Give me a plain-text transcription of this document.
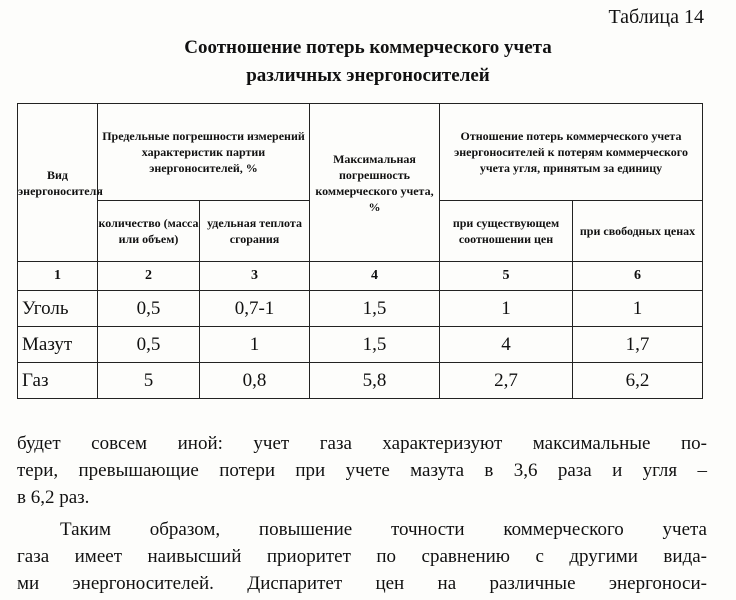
Таблица 14
Соотношение потерь коммерческого учета
различных энергоносителей
Вид энергоносителя	Предельные погрешности измерений характеристик партии энергоносителей, %		Максимальная погрешность коммерческого учета, %	Отношение потерь коммерческого учета энергоносителей к потерям коммерческого учета угля, принятым за единицу	
	количество (масса или объем)	удельная теплота сгорания		при существующем соотношении цен	при свободных ценах
1	2	3	4	5	6
Уголь	0,5	0,7-1	1,5	1	1
Мазут	0,5	1	1,5	4	1,7
Газ	5	0,8	5,8	2,7	6,2
будет совсем иной: учет газа характеризуют максимальные по-
тери, превышающие потери при учете мазута в 3,6 раза и угля –
в 6,2 раз.
Таким образом, повышение точности коммерческого учета
газа имеет наивысший приоритет по сравнению с другими вида-
ми энергоносителей. Диспаритет цен на различные энергоноси-
